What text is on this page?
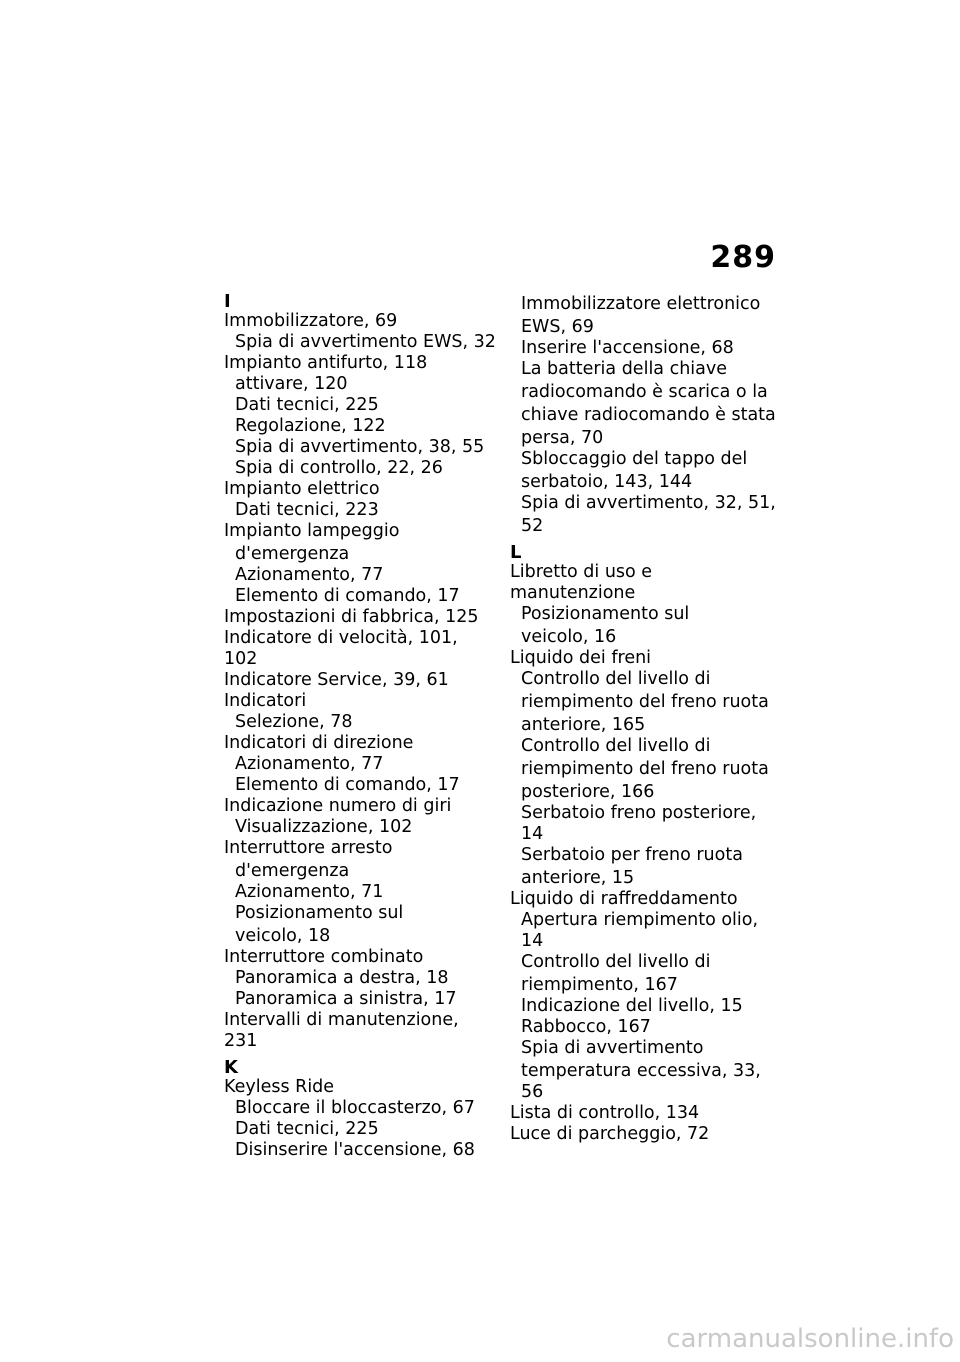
289
I
Immobilizzatore, 69
Spia di avvertimento EWS, 32
Impianto antifurto, 118
attivare, 120
Dati tecnici, 225
Regolazione, 122
Spia di avvertimento, 38, 55
Spia di controllo, 22, 26
Impianto elettrico
Dati tecnici, 223
Impianto lampeggio
d'emergenza
Azionamento, 77
Elemento di comando, 17
Impostazioni di fabbrica, 125
Indicatore di velocità, 101, 102
Indicatore Service, 39, 61
Indicatori
Selezione, 78
Indicatori di direzione
Azionamento, 77
Elemento di comando, 17
Indicazione numero di giri
Visualizzazione, 102
Interruttore arresto
d'emergenza
Azionamento, 71
Posizionamento sul
veicolo, 18
Interruttore combinato
Panoramica a destra, 18
Panoramica a sinistra, 17
Intervalli di manutenzione, 231
K
Keyless Ride
Bloccare il bloccasterzo, 67
Dati tecnici, 225
Disinserire l'accensione, 68
Immobilizzatore elettronico
EWS, 69
Inserire l'accensione, 68
La batteria della chiave
radiocomando è scarica o la
chiave radiocomando è stata
persa, 70
Sbloccaggio del tappo del
serbatoio, 143, 144
Spia di avvertimento, 32, 51,
52
L
Libretto di uso e manutenzione
Posizionamento sul
veicolo, 16
Liquido dei freni
Controllo del livello di
riempimento del freno ruota
anteriore, 165
Controllo del livello di
riempimento del freno ruota
posteriore, 166
Serbatoio freno posteriore, 14
Serbatoio per freno ruota
anteriore, 15
Liquido di raffreddamento
Apertura riempimento olio, 14
Controllo del livello di
riempimento, 167
Indicazione del livello, 15
Rabbocco, 167
Spia di avvertimento
temperatura eccessiva, 33, 56
Lista di controllo, 134
Luce di parcheggio, 72
carmanualsonline.info
